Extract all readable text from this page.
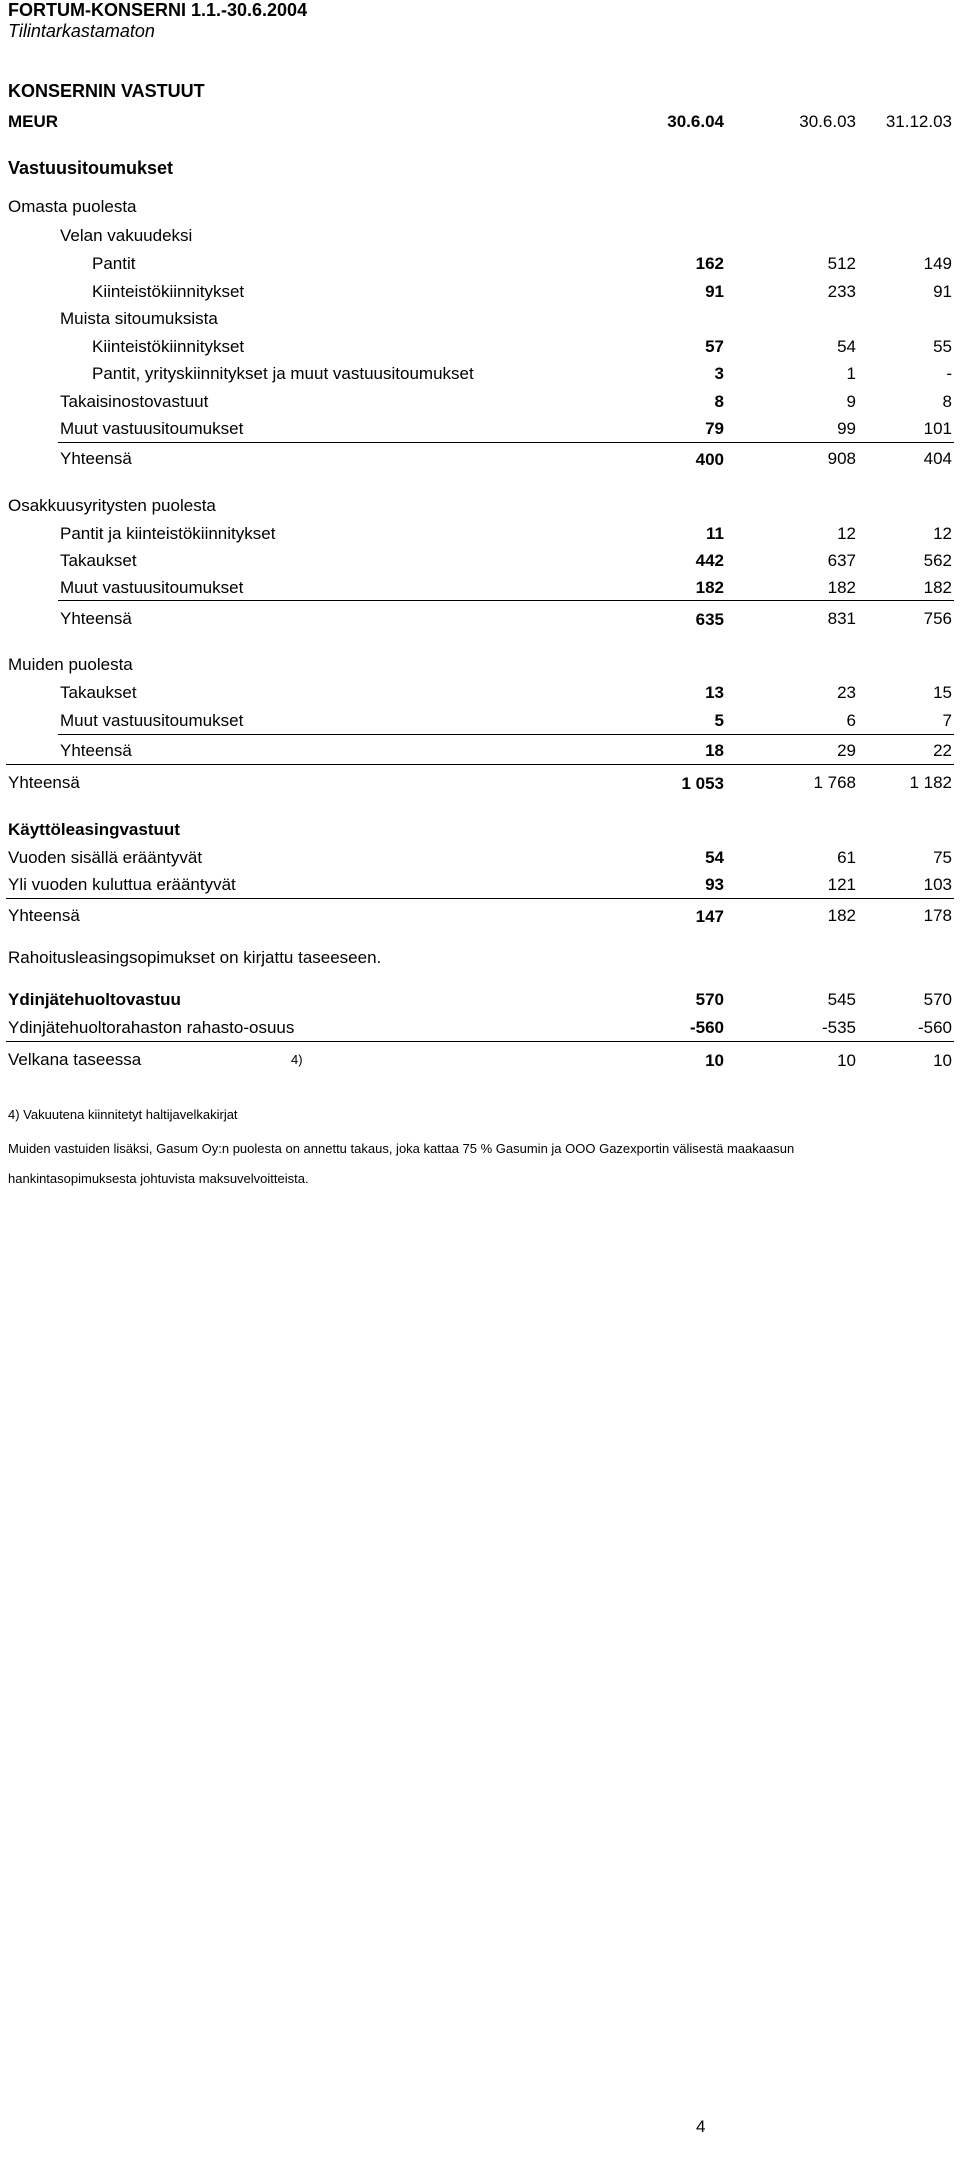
FORTUM-KONSERNI 1.1.-30.6.2004
Tilintarkastamaton
KONSERNIN VASTUUT
MEUR	30.6.04	30.6.03	31.12.03
Vastuusitoumukset
Omasta puolesta
Velan vakuudeksi
Pantit	162	512	149
Kiinteistökiinnitykset	91	233	91
Muista sitoumuksista
Kiinteistökiinnitykset	57	54	55
Pantit, yrityskiinnitykset ja muut vastuusitoumukset	3	1	-
Takaisinostovastuut	8	9	8
Muut vastuusitoumukset	79	99	101
Yhteensä	400	908	404
Osakkuusyritysten puolesta
Pantit ja kiinteistökiinnitykset	11	12	12
Takaukset	442	637	562
Muut vastuusitoumukset	182	182	182
Yhteensä	635	831	756
Muiden puolesta
Takaukset	13	23	15
Muut vastuusitoumukset	5	6	7
Yhteensä	18	29	22
Yhteensä	1 053	1 768	1 182
Käyttöleasingvastuut
Vuoden sisällä erääntyvät	54	61	75
Yli vuoden kuluttua erääntyvät	93	121	103
Yhteensä	147	182	178
Rahoitusleasingsopimukset on kirjattu taseeseen.
Ydinjätehuoltovastuu	570	545	570
Ydinjätehuoltorahaston rahasto-osuus	-560	-535	-560
Velkana taseessa	4)	10	10	10
4) Vakuutena kiinnitetyt haltijavelkakirjat
Muiden vastuiden lisäksi, Gasum Oy:n puolesta on annettu takaus, joka kattaa 75 % Gasumin ja OOO Gazexportin välisestä maakaasun
hankintasopimuksesta johtuvista maksuvelvoitteista.
4
